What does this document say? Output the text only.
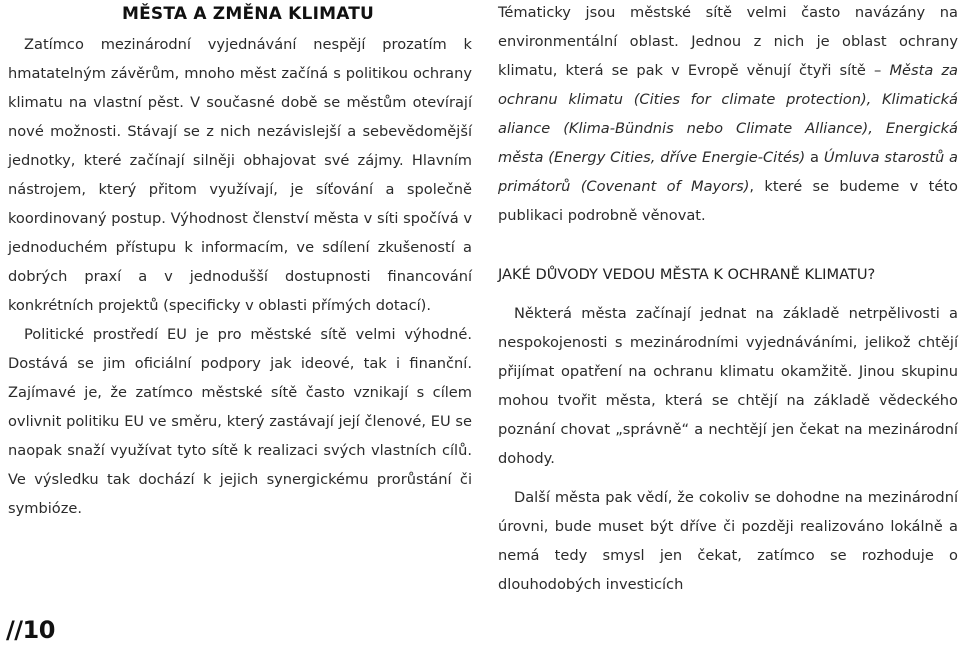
MĚSTA A ZMĚNA KLIMATU

Zatímco mezinárodní vyjednávání nespějí prozatím k hmatatelným závěrům, mnoho měst začíná s politikou ochrany klimatu na vlastní pěst. V současné době se městům otevírají nové možnosti. Stávají se z nich nezávislejší a sebevědomější jednotky, které začínají silněji obhajovat své zájmy. Hlavním nástrojem, který přitom využívají, je síťování a společně koordinovaný postup. Výhodnost členství města v síti spočívá v jednoduchém přístupu k informacím, ve sdílení zkušeností a dobrých praxí a v jednodušší dostupnosti financování konkrétních projektů (specificky v oblasti přímých dotací).

Politické prostředí EU je pro městské sítě velmi výhodné. Dostává se jim oficiální podpory jak ideové, tak i finanční. Zajímavé je, že zatímco městské sítě často vznikají s cílem ovlivnit politiku EU ve směru, který zastávají její členové, EU se naopak snaží využívat tyto sítě k realizaci svých vlastních cílů. Ve výsledku tak dochází k jejich synergickému prorůstání či symbióze.

Tématicky jsou městské sítě velmi často navázány na environmentální oblast. Jednou z nich je oblast ochrany klimatu, která se pak v Evropě věnují čtyři sítě – Města za ochranu klimatu (Cities for climate protection), Klimatická aliance (Klima-Bündnis nebo Climate Alliance), Energická města (Energy Cities, dříve Energie-Cités) a Úmluva starostů a primátorů (Covenant of Mayors), které se budeme v této publikaci podrobně věnovat.

JAKÉ DŮVODY VEDOU MĚSTA K OCHRANĚ KLIMATU?

Některá města začínají jednat na základě netrpělivosti a nespokojenosti s mezinárodními vyjednáváními, jelikož chtějí přijímat opatření na ochranu klimatu okamžitě. Jinou skupinu mohou tvořit města, která se chtějí na základě vědeckého poznání chovat „správně“ a nechtějí jen čekat na mezinárodní dohody.

Další města pak vědí, že cokoliv se dohodne na mezinárodní úrovni, bude muset být dříve či později realizováno lokálně a nemá tedy smysl jen čekat, zatímco se rozhoduje o dlouhodobých investicích

//10
